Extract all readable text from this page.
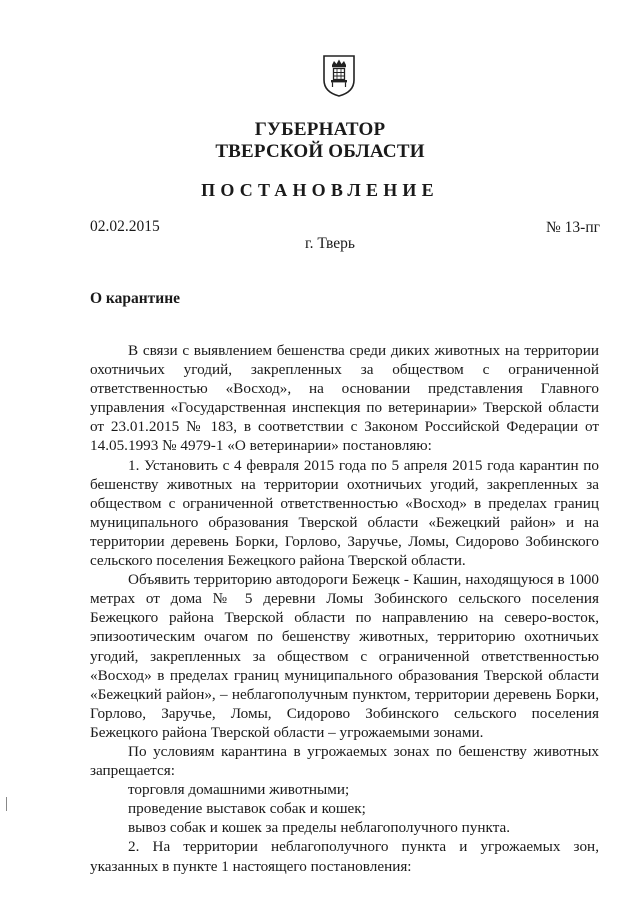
ГУБЕРНАТОР
ТВЕРСКОЙ ОБЛАСТИ
ПОСТАНОВЛЕНИЕ
02.02.2015	№ 13-пг
г. Тверь
О карантине

В связи с выявлением бешенства среди диких животных на территории охотничьих угодий, закрепленных за обществом с ограниченной ответственностью «Восход», на основании представления Главного управления «Государственная инспекция по ветеринарии» Тверской области от 23.01.2015 № 183, в соответствии с Законом Российской Федерации от 14.05.1993 № 4979-1 «О ветеринарии» постановляю:

1. Установить с 4 февраля 2015 года по 5 апреля 2015 года карантин по бешенству животных на территории охотничьих угодий, закрепленных за обществом с ограниченной ответственностью «Восход» в пределах границ муниципального образования Тверской области «Бежецкий район» и на территории деревень Борки, Горлово, Заручье, Ломы, Сидорово Зобинского сельского поселения Бежецкого района Тверской области.

Объявить территорию автодороги Бежецк - Кашин, находящуюся в 1000 метрах от дома № 5 деревни Ломы Зобинского сельского поселения Бежецкого района Тверской области по направлению на северо-восток, эпизоотическим очагом по бешенству животных, территорию охотничьих угодий, закрепленных за обществом с ограниченной ответственностью «Восход» в пределах границ муниципального образования Тверской области «Бежецкий район», – неблагополучным пунктом, территории деревень Борки, Горлово, Заручье, Ломы, Сидорово Зобинского сельского поселения Бежецкого района Тверской области – угрожаемыми зонами.

По условиям карантина в угрожаемых зонах по бешенству животных запрещается:

торговля домашними животными;

проведение выставок собак и кошек;

вывоз собак и кошек за пределы неблагополучного пункта.

2. На территории неблагополучного пункта и угрожаемых зон, указанных в пункте 1 настоящего постановления:
